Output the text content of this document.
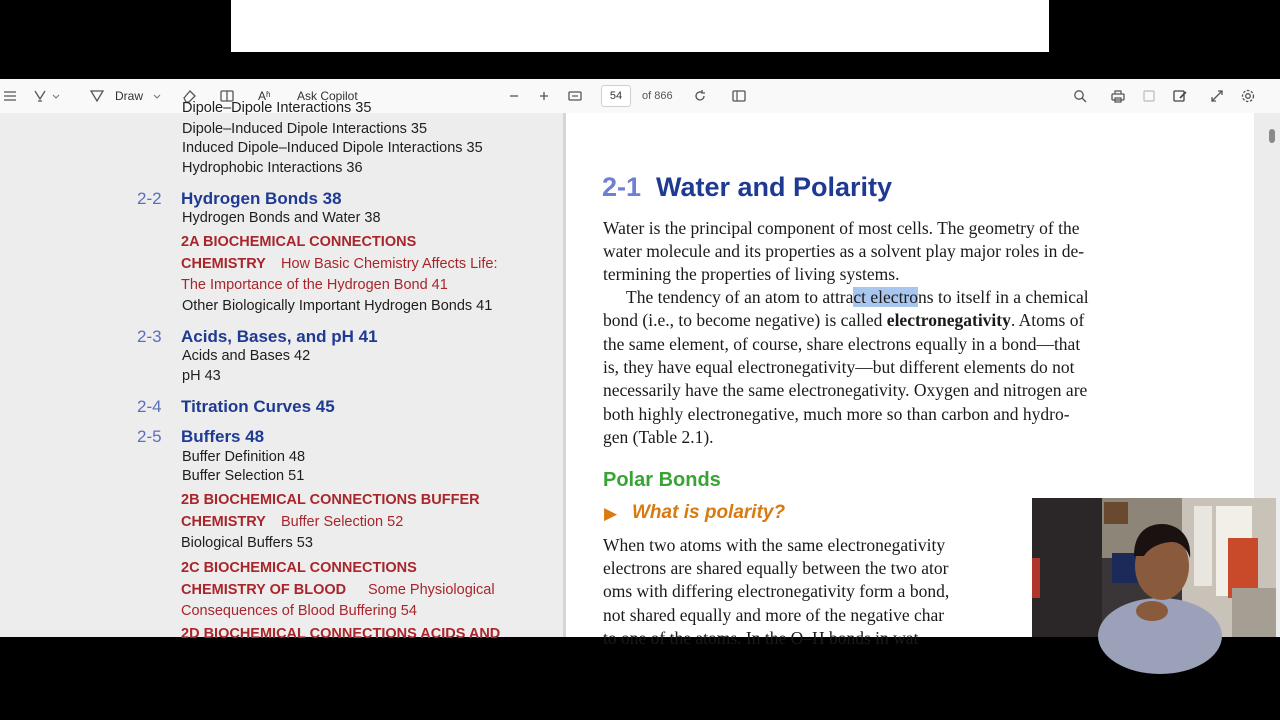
Draw	Aʱ Ask Copilot	54	of 866
Dipole–Dipole Interactions 35
Dipole–Induced Dipole Interactions 35
Induced Dipole–Induced Dipole Interactions 35
Hydrophobic Interactions 36
2-2 Hydrogen Bonds 38
Hydrogen Bonds and Water 38
2A BIOCHEMICAL CONNECTIONS
CHEMISTRY How Basic Chemistry Affects Life:
The Importance of the Hydrogen Bond 41
Other Biologically Important Hydrogen Bonds 41
2-3 Acids, Bases, and pH 41
Acids and Bases 42
pH 43
2-4 Titration Curves 45
2-5 Buffers 48
Buffer Definition 48
Buffer Selection 51
2B BIOCHEMICAL CONNECTIONS BUFFER
CHEMISTRY Buffer Selection 52
Biological Buffers 53
2C BIOCHEMICAL CONNECTIONS
CHEMISTRY OF BLOOD Some Physiological
Consequences of Blood Buffering 54
2D BIOCHEMICAL CONNECTIONS ACIDS AND
2-1 Water and Polarity
Water is the principal component of most cells. The geometry of the
water molecule and its properties as a solvent play major roles in de-
termining the properties of living systems.
The tendency of an atom to attract electrons to itself in a chemical
bond (i.e., to become negative) is called electronegativity. Atoms of
the same element, of course, share electrons equally in a bond—that
is, they have equal electronegativity—but different elements do not
necessarily have the same electronegativity. Oxygen and nitrogen are
both highly electronegative, much more so than carbon and hydro-
gen (Table 2.1).
Polar Bonds
▶ What is polarity?
When two atoms with the same electronegativity
electrons are shared equally between the two ator
oms with differing electronegativity form a bond,
not shared equally and more of the negative char
to one of the atoms. In the O–H bonds in wat
